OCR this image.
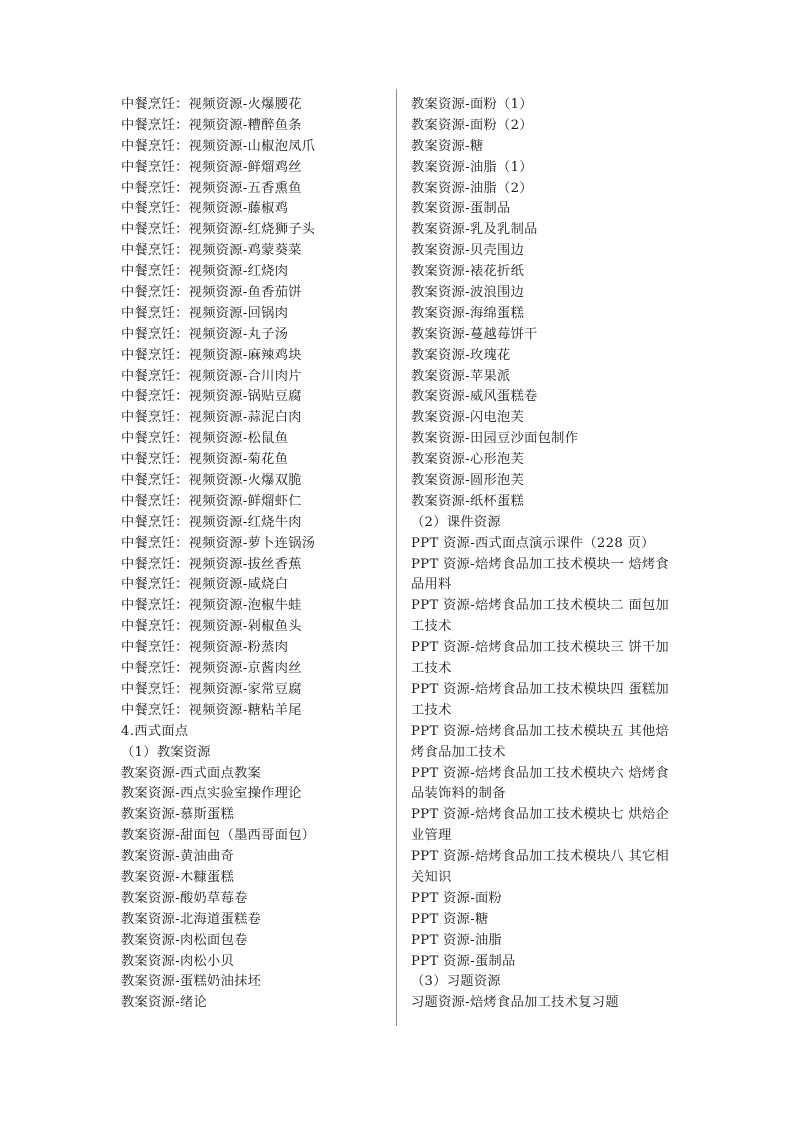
中餐烹饪：视频资源-火爆腰花
中餐烹饪：视频资源-糟醉鱼条
中餐烹饪：视频资源-山椒泡凤爪
中餐烹饪：视频资源-鲜熘鸡丝
中餐烹饪：视频资源-五香熏鱼
中餐烹饪：视频资源-藤椒鸡
中餐烹饪：视频资源-红烧狮子头
中餐烹饪：视频资源-鸡蒙葵菜
中餐烹饪：视频资源-红烧肉
中餐烹饪：视频资源-鱼香茄饼
中餐烹饪：视频资源-回锅肉
中餐烹饪：视频资源-丸子汤
中餐烹饪：视频资源-麻辣鸡块
中餐烹饪：视频资源-合川肉片
中餐烹饪：视频资源-锅贴豆腐
中餐烹饪：视频资源-蒜泥白肉
中餐烹饪：视频资源-松鼠鱼
中餐烹饪：视频资源-菊花鱼
中餐烹饪：视频资源-火爆双脆
中餐烹饪：视频资源-鲜熘虾仁
中餐烹饪：视频资源-红烧牛肉
中餐烹饪：视频资源-萝卜连锅汤
中餐烹饪：视频资源-拔丝香蕉
中餐烹饪：视频资源-咸烧白
中餐烹饪：视频资源-泡椒牛蛙
中餐烹饪：视频资源-剁椒鱼头
中餐烹饪：视频资源-粉蒸肉
中餐烹饪：视频资源-京酱肉丝
中餐烹饪：视频资源-家常豆腐
中餐烹饪：视频资源-糖粘羊尾
4.西式面点
（1）教案资源
教案资源-西式面点教案
教案资源-西点实验室操作理论
教案资源-慕斯蛋糕
教案资源-甜面包（墨西哥面包）
教案资源-黄油曲奇
教案资源-木糠蛋糕
教案资源-酸奶草莓卷
教案资源-北海道蛋糕卷
教案资源-肉松面包卷
教案资源-肉松小贝
教案资源-蛋糕奶油抹坯
教案资源-绪论
教案资源-面粉（1）
教案资源-面粉（2）
教案资源-糖
教案资源-油脂（1）
教案资源-油脂（2）
教案资源-蛋制品
教案资源-乳及乳制品
教案资源-贝壳围边
教案资源-裱花折纸
教案资源-波浪围边
教案资源-海绵蛋糕
教案资源-蔓越莓饼干
教案资源-玫瑰花
教案资源-苹果派
教案资源-威风蛋糕卷
教案资源-闪电泡芙
教案资源-田园豆沙面包制作
教案资源-心形泡芙
教案资源-圆形泡芙
教案资源-纸杯蛋糕
（2）课件资源
PPT 资源-西式面点演示课件（228 页）
PPT 资源-焙烤食品加工技术模块一 焙烤食
品用料
PPT 资源-焙烤食品加工技术模块二 面包加
工技术
PPT 资源-焙烤食品加工技术模块三 饼干加
工技术
PPT 资源-焙烤食品加工技术模块四 蛋糕加
工技术
PPT 资源-焙烤食品加工技术模块五 其他焙
烤食品加工技术
PPT 资源-焙烤食品加工技术模块六 焙烤食
品装饰料的制备
PPT 资源-焙烤食品加工技术模块七 烘焙企
业管理
PPT 资源-焙烤食品加工技术模块八 其它相
关知识
PPT 资源-面粉
PPT 资源-糖
PPT 资源-油脂
PPT 资源-蛋制品
（3）习题资源
习题资源-焙烤食品加工技术复习题
